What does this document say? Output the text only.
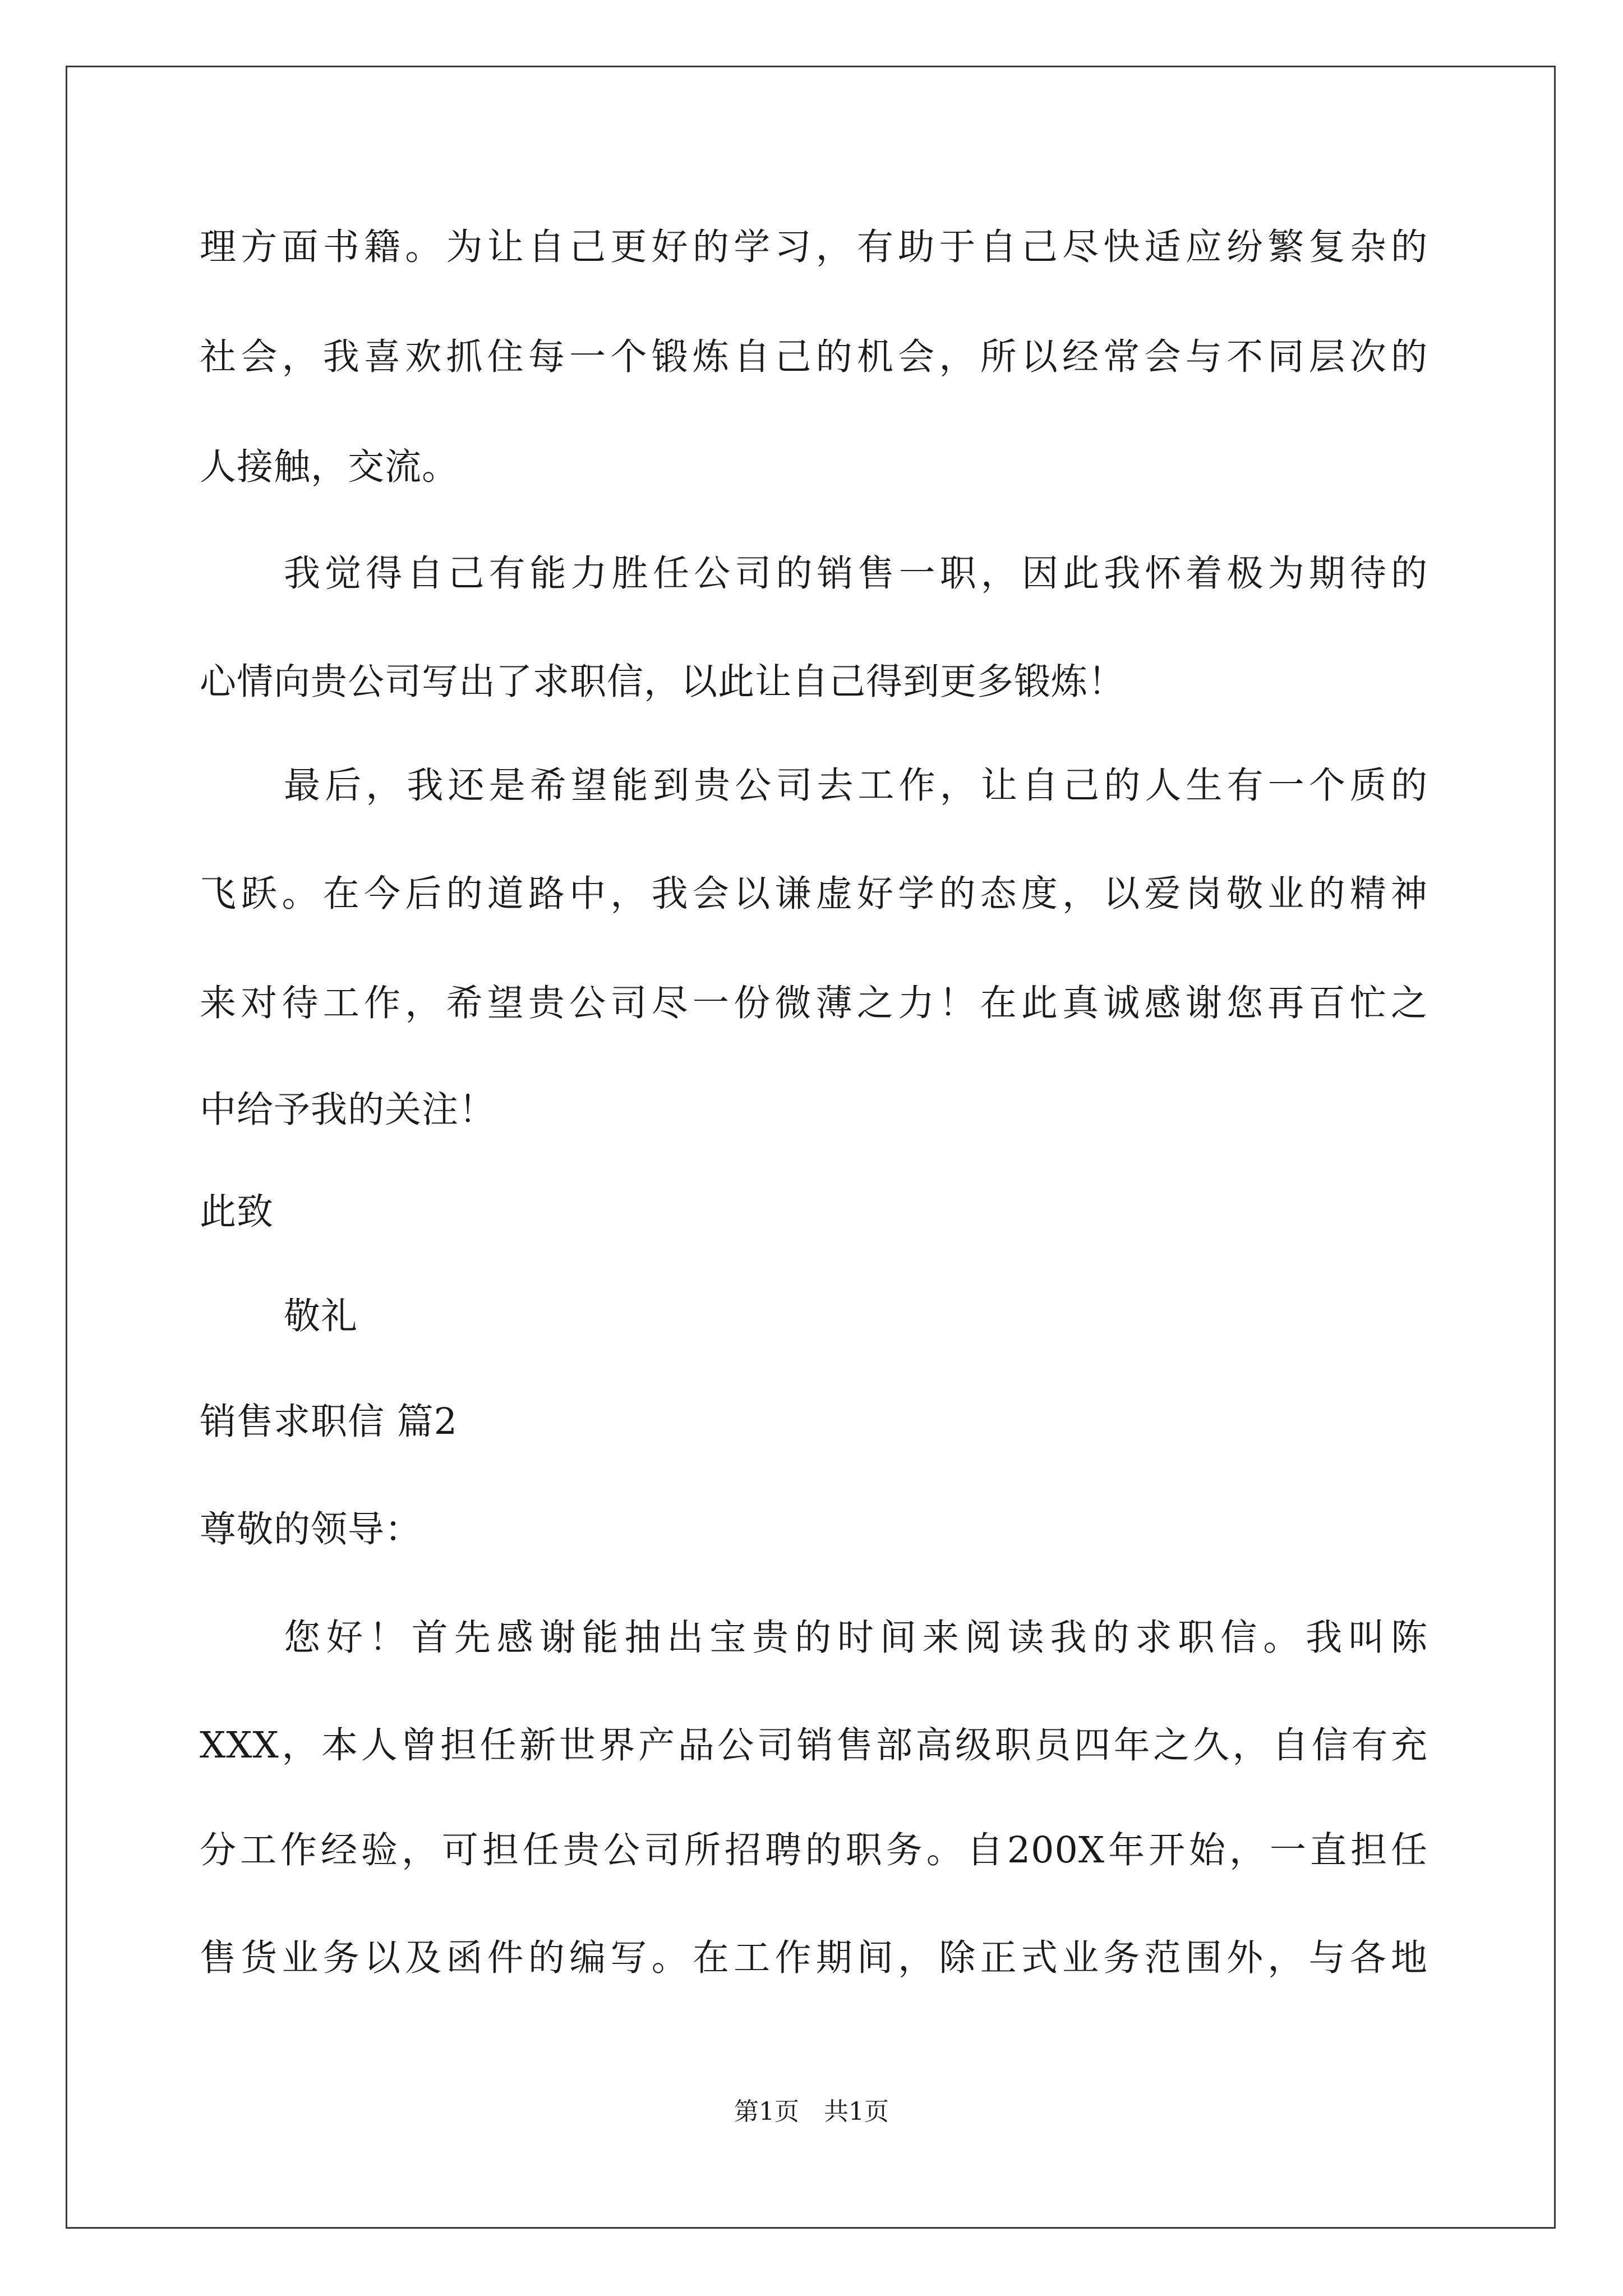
理方面书籍。为让自己更好的学习，有助于自己尽快适应纷繁复杂的
社会，我喜欢抓住每一个锻炼自己的机会，所以经常会与不同层次的
人接触，交流。
我觉得自己有能力胜任公司的销售一职，因此我怀着极为期待的
心情向贵公司写出了求职信，以此让自己得到更多锻炼！
最后，我还是希望能到贵公司去工作，让自己的人生有一个质的
飞跃。在今后的道路中，我会以谦虚好学的态度，以爱岗敬业的精神
来对待工作，希望贵公司尽一份微薄之力！在此真诚感谢您再百忙之
中给予我的关注！
此致
敬礼
销售求职信 篇2
尊敬的领导：
您好！首先感谢能抽出宝贵的时间来阅读我的求职信。我叫陈
XXX，本人曾担任新世界产品公司销售部高级职员四年之久，自信有充
分工作经验，可担任贵公司所招聘的职务。自200X年开始，一直担任
售货业务以及函件的编写。在工作期间，除正式业务范围外，与各地
第1页　共1页
